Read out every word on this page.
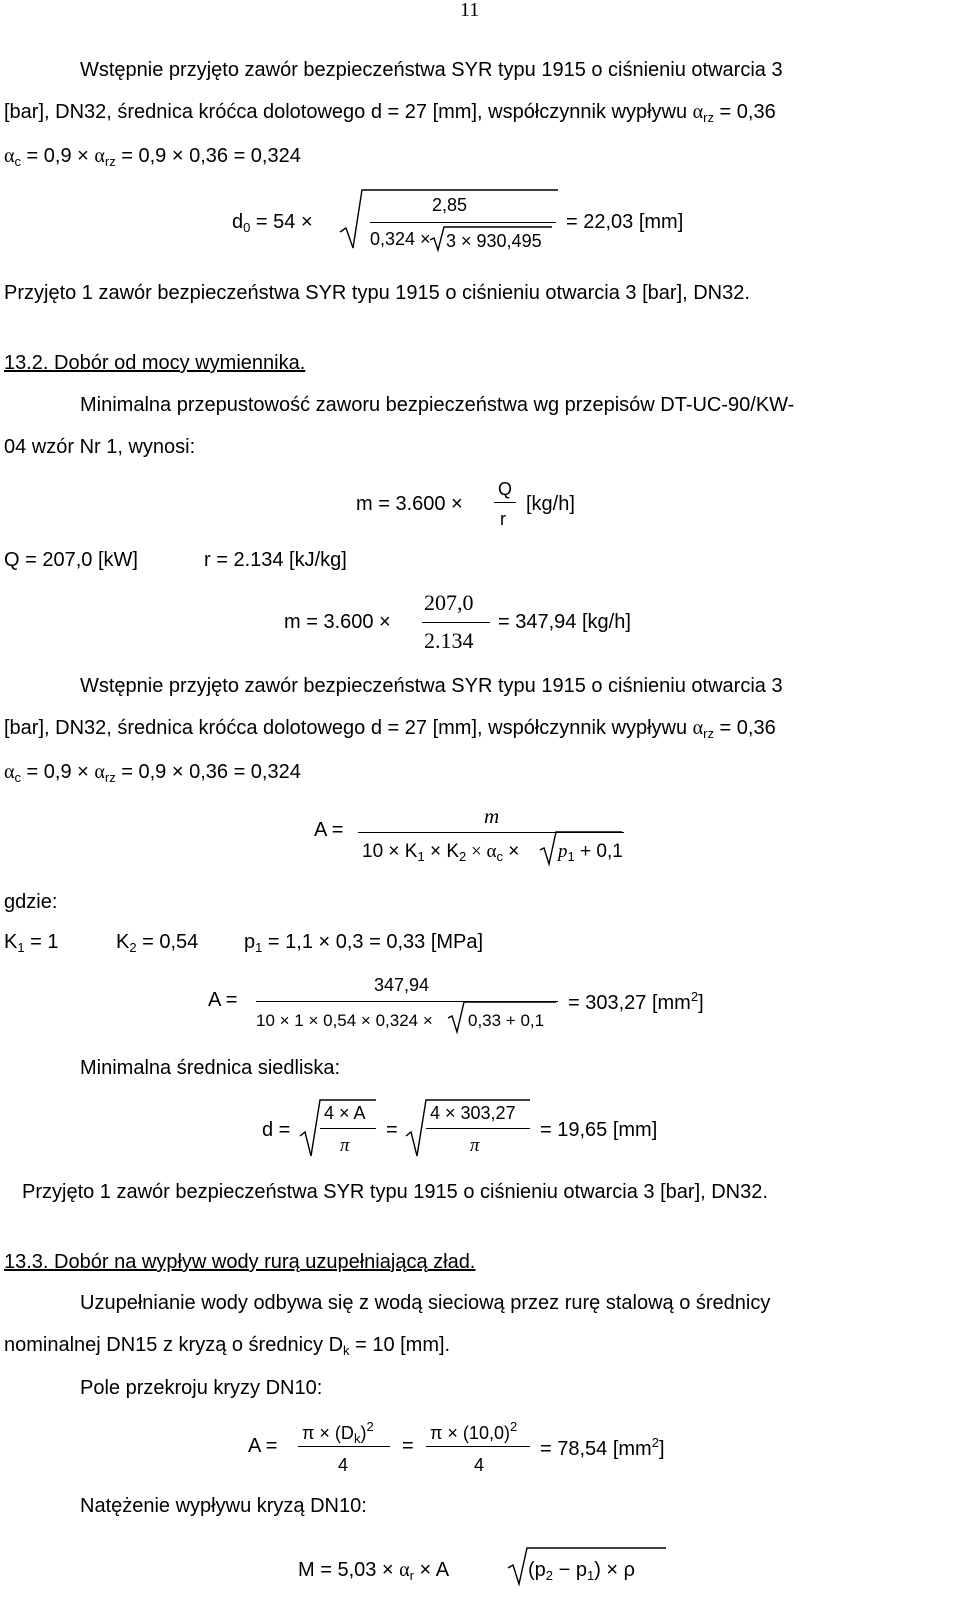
11
Wstępnie przyjęto zawór bezpieczeństwa SYR typu 1915 o ciśnieniu otwarcia 3
[bar], DN32, średnica króćca dolotowego d = 27 [mm], współczynnik wypływu $\alpha_{rz} = 0,36$
$\alpha_c = 0,9 \times \alpha_{rz} = 0,9 \times 0,36 = 0,324$
$d_0 = 54$ ×
2,85
0,324 × 3 × 930,495
= 22,03 [mm]
Przyjęto 1 zawór bezpieczeństwa SYR typu 1915 o ciśnieniu otwarcia 3 [bar], DN32.
13.2. Dobór od mocy wymiennika.
Minimalna przepustowość zaworu bezpieczeństwa wg przepisów DT-UC-90/KW-
04 wzór Nr 1, wynosi:
m = 3.600 ×
Q
r
[kg/h]
Q = 207,0 [kW]	r = 2.134 [kJ/kg]
m = 3.600 ×
207,0
2.134
= 347,94 [kg/h]
Wstępnie przyjęto zawór bezpieczeństwa SYR typu 1915 o ciśnieniu otwarcia 3
[bar], DN32, średnica króćca dolotowego d = 27 [mm], współczynnik wypływu $\alpha_{rz} = 0,36$
$\alpha_c = 0,9 \times \alpha_{rz} = 0,9 \times 0,36 = 0,324$
A =
m
$10 \times K_1 \times K_2 \times \alpha_c \times p_1 + 0,1$
gdzie:
$K_1 = 1$	$K_2 = 0,54$ $p_1 = 1,1 \times 0,3 = 0,33$ [MPa]
A =
347,94
10 × 1 × 0,54 × 0,324 × 0,33 + 0,1
= 303,27 $[mm^2]$
Minimalna średnica siedliska:
d =
4 × A
π
=
4 × 303,27
π
= 19,65 [mm]
Przyjęto 1 zawór bezpieczeństwa SYR typu 1915 o ciśnieniu otwarcia 3 [bar], DN32.
13.3. Dobór na wypływ wody rurą uzupełniającą zład.
Uzupełnianie wody odbywa się z wodą sieciową przez rurę stalową o średnicy
nominalnej DN15 z kryzą o średnicy $D_k = 10$ [mm].
Pole przekroju kryzy DN10:
A =
$\pi \times (D_k)^2$
4
=
$\pi \times (10,0)^2$
4
= 78,54 $[mm^2]$
Natężenie wypływu kryzą DN10:
$M = 5,03 \times \alpha_r \times A$	$(p_2 - p_1) \times \rho$
